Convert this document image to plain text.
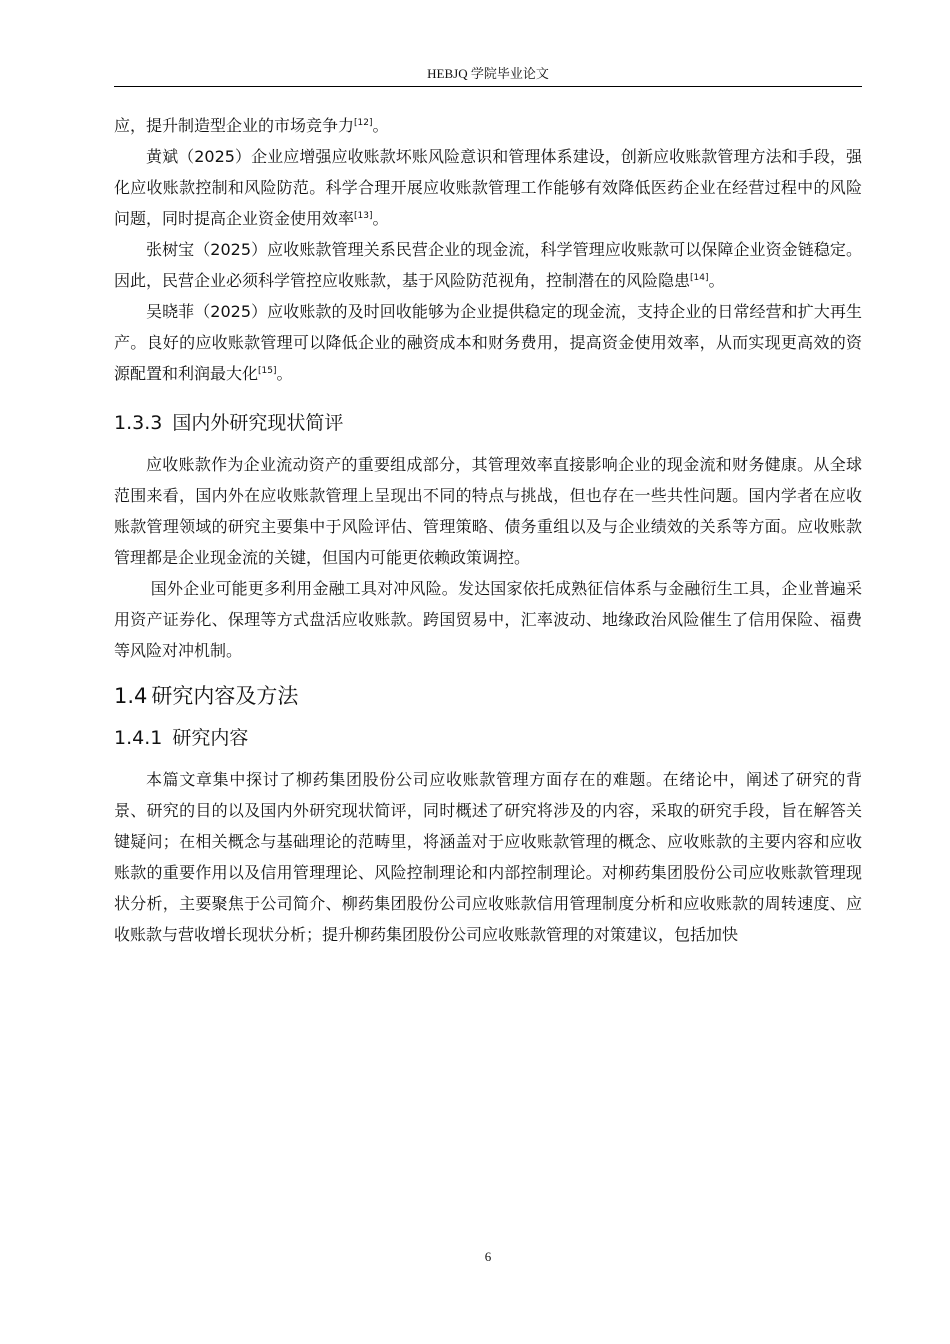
HEBJQ 学院毕业论文

应，提升制造型企业的市场竞争力[12]。

黄斌（2025）企业应增强应收账款坏账风险意识和管理体系建设，创新应收账款管理方法和手段，强化应收账款控制和风险防范。科学合理开展应收账款管理工作能够有效降低医药企业在经营过程中的风险问题，同时提高企业资金使用效率[13]。

张树宝（2025）应收账款管理关系民营企业的现金流，科学管理应收账款可以保障企业资金链稳定。因此，民营企业必须科学管控应收账款，基于风险防范视角，控制潜在的风险隐患[14]。

吴晓菲（2025）应收账款的及时回收能够为企业提供稳定的现金流，支持企业的日常经营和扩大再生产。良好的应收账款管理可以降低企业的融资成本和财务费用，提高资金使用效率，从而实现更高效的资源配置和利润最大化[15]。

1.3.3 国内外研究现状简评

应收账款作为企业流动资产的重要组成部分，其管理效率直接影响企业的现金流和财务健康。从全球范围来看，国内外在应收账款管理上呈现出不同的特点与挑战，但也存在一些共性问题。国内学者在应收账款管理领域的研究主要集中于风险评估、管理策略、债务重组以及与企业绩效的关系等方面。应收账款管理都是企业现金流的关键，但国内可能更依赖政策调控。

国外企业可能更多利用金融工具对冲风险。发达国家依托成熟征信体系与金融衍生工具，企业普遍采用资产证券化、保理等方式盘活应收账款。跨国贸易中，汇率波动、地缘政治风险催生了信用保险、福费等风险对冲机制。

1.4 研究内容及方法
1.4.1 研究内容

本篇文章集中探讨了柳药集团股份公司应收账款管理方面存在的难题。在绪论中，阐述了研究的背景、研究的目的以及国内外研究现状简评，同时概述了研究将涉及的内容，采取的研究手段，旨在解答关键疑问；在相关概念与基础理论的范畴里，将涵盖对于应收账款管理的概念、应收账款的主要内容和应收账款的重要作用以及信用管理理论、风险控制理论和内部控制理论。对柳药集团股份公司应收账款管理现状分析，主要聚焦于公司简介、柳药集团股份公司应收账款信用管理制度分析和应收账款的周转速度、应收账款与营收增长现状分析；提升柳药集团股份公司应收账款管理的对策建议，包括加快

6
